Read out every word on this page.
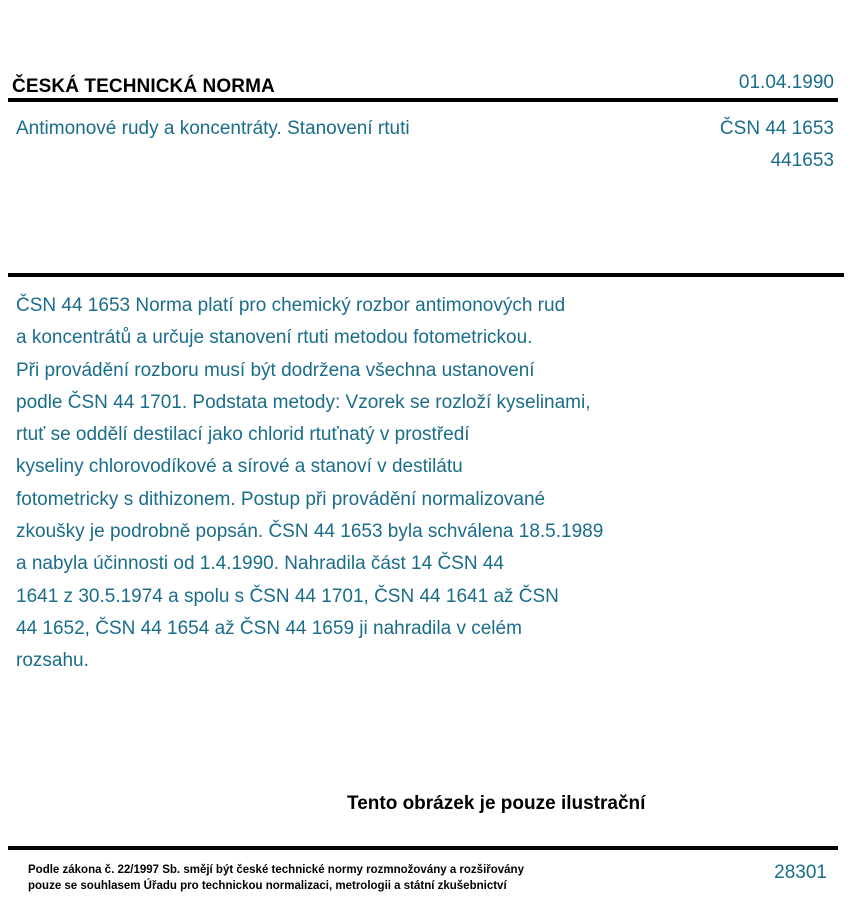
ČESKÁ TECHNICKÁ NORMA	01.04.1990
Antimonové rudy a koncentráty. Stanovení rtuti	ČSN 44 1653
441653
ČSN 44 1653 Norma platí pro chemický rozbor antimonových rud
a koncentrátů a určuje stanovení rtuti metodou fotometrickou.
Při provádění rozboru musí být dodržena všechna ustanovení
podle ČSN 44 1701. Podstata metody: Vzorek se rozloží kyselinami,
rtuť se oddělí destilací jako chlorid rtuťnatý v prostředí
kyseliny chlorovodíkové a sírové a stanoví v destilátu
fotometricky s dithizonem. Postup při provádění normalizované
zkoušky je podrobně popsán. ČSN 44 1653 byla schválena 18.5.1989
a nabyla účinnosti od 1.4.1990. Nahradila část 14 ČSN 44
1641 z 30.5.1974 a spolu s ČSN 44 1701, ČSN 44 1641 až ČSN
44 1652, ČSN 44 1654 až ČSN 44 1659 ji nahradila v celém
rozsahu.
Tento obrázek je pouze ilustrační
Podle zákona č. 22/1997 Sb. smějí být české technické normy rozmnožovány a rozšiřovány
pouze se souhlasem Úřadu pro technickou normalizaci, metrologii a státní zkušebnictví
28301
